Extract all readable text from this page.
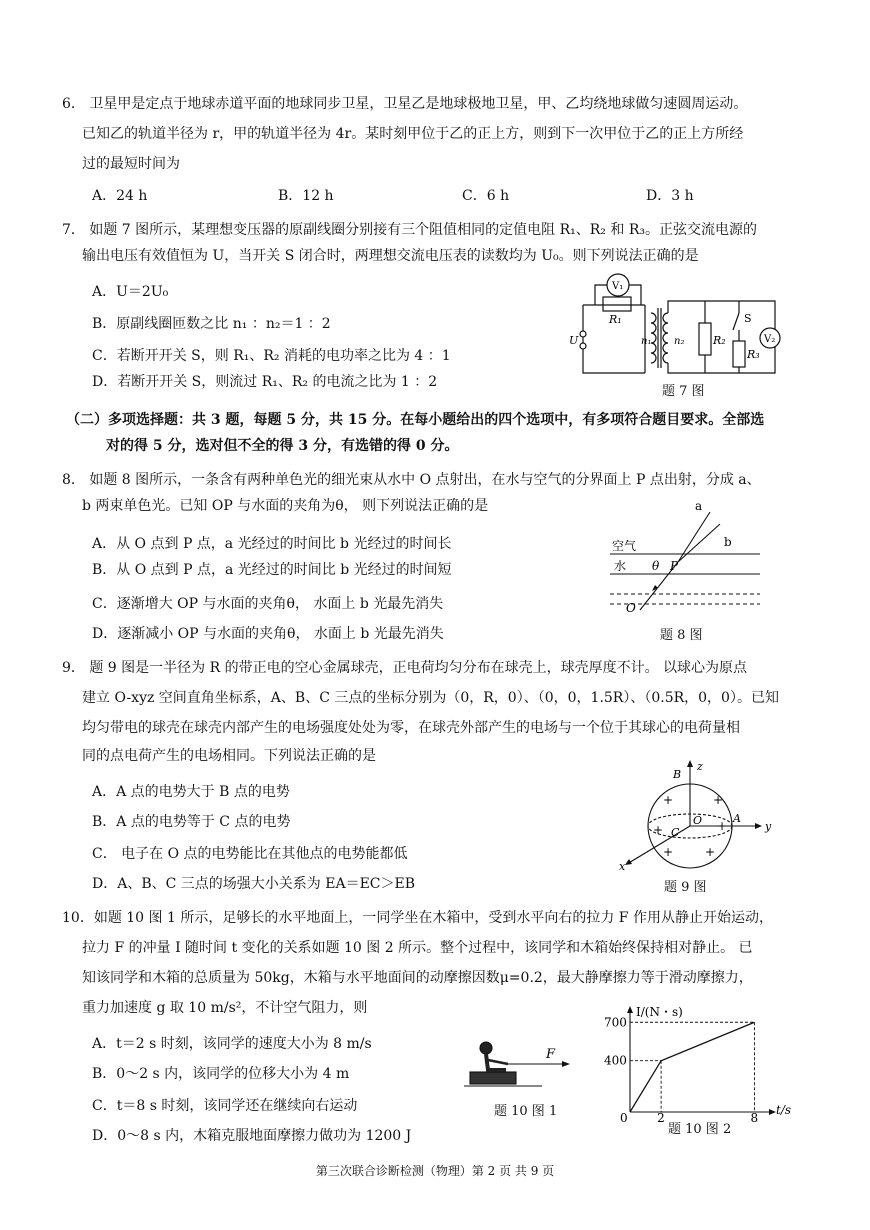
6． 卫星甲是定点于地球赤道平面的地球同步卫星，卫星乙是地球极地卫星，甲、乙均绕地球做匀速圆周运动。
已知乙的轨道半径为 r，甲的轨道半径为 4r。某时刻甲位于乙的正上方，则到下一次甲位于乙的正上方所经
过的最短时间为
A．24 h	B．12 h	C．6 h	D．3 h
7． 如题 7 图所示，某理想变压器的原副线圈分别接有三个阻值相同的定值电阻 R₁、R₂ 和 R₃。正弦交流电源的
输出电压有效值恒为 U，当开关 S 闭合时，两理想交流电压表的读数均为 U₀。则下列说法正确的是
A．U＝2U₀
B．原副线圈匝数之比 n₁ ：n₂＝1 ：2
C．若断开开关 S，则 R₁、R₂ 消耗的电功率之比为 4 ：1
D．若断开开关 S，则流过 R₁、R₂ 的电流之比为 1 ：2
V₁
R₁
U	n₁ n₂	R₂
S
R₃
V₂
题 7 图
（二）多项选择题：共 3 题，每题 5 分，共 15 分。在每小题给出的四个选项中，有多项符合题目要求。全部选
对的得 5 分，选对但不全的得 3 分，有选错的得 0 分。
8． 如题 8 图所示，一条含有两种单色光的细光束从水中 O 点射出，在水与空气的分界面上 P 点出射，分成 a、
b 两束单色光。已知 OP 与水面的夹角为θ， 则下列说法正确的是
A．从 O 点到 P 点，a 光经过的时间比 b 光经过的时间长
B．从 O 点到 P 点，a 光经过的时间比 b 光经过的时间短
C．逐渐增大 OP 与水面的夹角θ， 水面上 b 光最先消失
D．逐渐减小 OP 与水面的夹角θ， 水面上 b 光最先消失
a
b
空气
水 θ P
O
题 8 图
9． 题 9 图是一半径为 R 的带正电的空心金属球壳，正电荷均匀分布在球壳上，球壳厚度不计。 以球心为原点
建立 O-xyz 空间直角坐标系，A、B、C 三点的坐标分别为（0，R，0）、（0，0，1.5R）、（0.5R，0，0）。已知
均匀带电的球壳在球壳内部产生的电场强度处处为零，在球壳外部产生的电场与一个位于其球心的电荷量相
同的点电荷产生的电场相同。下列说法正确的是
A．A 点的电势大于 B 点的电势
B．A 点的电势等于 C 点的电势
C． 电子在 O 点的电势能比在其他点的电势能都低
D．A、B、C 三点的场强大小关系为 EA＝EC＞EB
z
B
O
C
A
y
x
+	+
+	+
+	+
题 9 图
10．如题 10 图 1 所示，足够长的水平地面上，一同学坐在木箱中，受到水平向右的拉力 F 作用从静止开始运动，
拉力 F 的冲量 I 随时间 t 变化的关系如题 10 图 2 所示。整个过程中，该同学和木箱始终保持相对静止。 已
知该同学和木箱的总质量为 50kg，木箱与水平地面间的动摩擦因数μ=0.2，最大静摩擦力等于滑动摩擦力，
重力加速度 g 取 10 m/s²，不计空气阻力，则
A．t＝2 s 时刻，该同学的速度大小为 8 m/s
B．0～2 s 内，该同学的位移大小为 4 m
C．t＝8 s 时刻，该同学还在继续向右运动
D．0～8 s 内，木箱克服地面摩擦力做功为 1200 J
F
题 10 图 1
700
400
2	8
I/(N・s)
t/s
0
题 10 图 2
第三次联合诊断检测（物理）第 2 页 共 9 页
